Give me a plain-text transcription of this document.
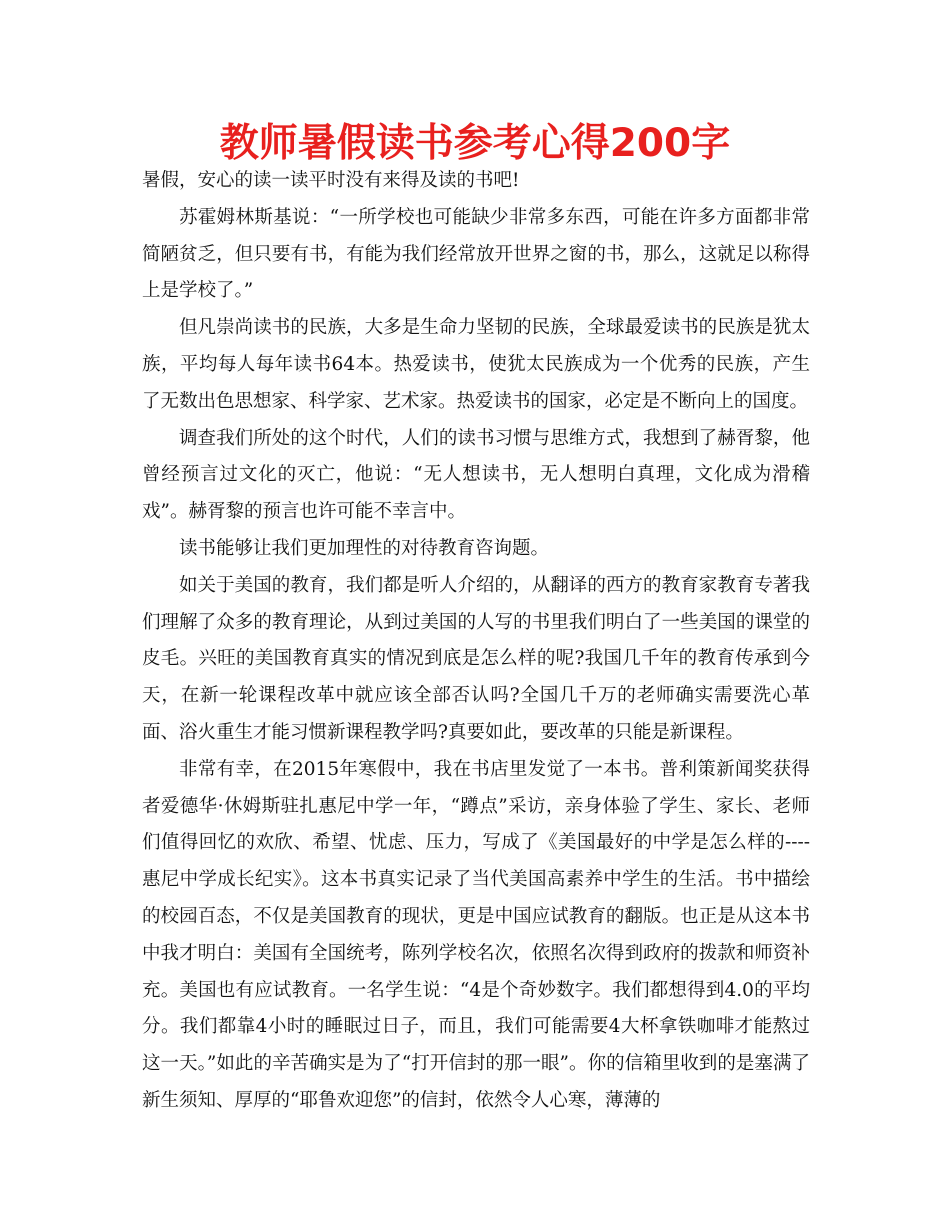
教师暑假读书参考心得200字

暑假，安心的读一读平时没有来得及读的书吧!

苏霍姆林斯基说：“一所学校也可能缺少非常多东西，可能在许多方面都非常简陋贫乏，但只要有书，有能为我们经常放开世界之窗的书，那么，这就足以称得上是学校了。”

但凡崇尚读书的民族，大多是生命力坚韧的民族，全球最爱读书的民族是犹太族，平均每人每年读书64本。热爱读书，使犹太民族成为一个优秀的民族，产生了无数出色思想家、科学家、艺术家。热爱读书的国家，必定是不断向上的国度。

调查我们所处的这个时代，人们的读书习惯与思维方式，我想到了赫胥黎，他曾经预言过文化的灭亡，他说：“无人想读书，无人想明白真理，文化成为滑稽戏”。赫胥黎的预言也许可能不幸言中。

读书能够让我们更加理性的对待教育咨询题。

如关于美国的教育，我们都是听人介绍的，从翻译的西方的教育家教育专著我们理解了众多的教育理论，从到过美国的人写的书里我们明白了一些美国的课堂的皮毛。兴旺的美国教育真实的情况到底是怎么样的呢?我国几千年的教育传承到今天，在新一轮课程改革中就应该全部否认吗?全国几千万的老师确实需要洗心革面、浴火重生才能习惯新课程教学吗?真要如此，要改革的只能是新课程。

非常有幸，在2015年寒假中，我在书店里发觉了一本书。普利策新闻奖获得者爱德华·休姆斯驻扎惠尼中学一年，“蹲点”采访，亲身体验了学生、家长、老师们值得回忆的欢欣、希望、忧虑、压力，写成了《美国最好的中学是怎么样的----惠尼中学成长纪实》。这本书真实记录了当代美国高素养中学生的生活。书中描绘的校园百态，不仅是美国教育的现状，更是中国应试教育的翻版。也正是从这本书中我才明白：美国有全国统考，陈列学校名次，依照名次得到政府的拨款和师资补充。美国也有应试教育。一名学生说：“4是个奇妙数字。我们都想得到4.0的平均分。我们都靠4小时的睡眠过日子，而且，我们可能需要4大杯拿铁咖啡才能熬过这一天。”如此的辛苦确实是为了“打开信封的那一眼”。你的信箱里收到的是塞满了新生须知、厚厚的“耶鲁欢迎您”的信封，依然令人心寒，薄薄的
